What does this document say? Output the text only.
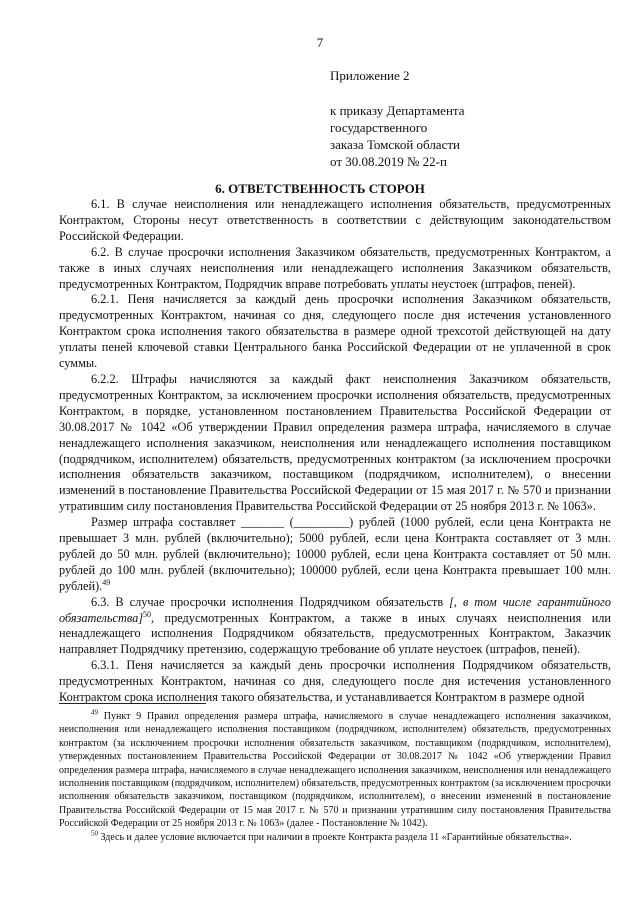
7
Приложение 2
к приказу Департамента
государственного
заказа Томской области
от 30.08.2019 № 22-п
6. ОТВЕТСТВЕННОСТЬ СТОРОН

6.1. В случае неисполнения или ненадлежащего исполнения обязательств, предусмотренных Контрактом, Стороны несут ответственность в соответствии с действующим законодательством Российской Федерации.

6.2. В случае просрочки исполнения Заказчиком обязательств, предусмотренных Контрактом, а также в иных случаях неисполнения или ненадлежащего исполнения Заказчиком обязательств, предусмотренных Контрактом, Подрядчик вправе потребовать уплаты неустоек (штрафов, пеней).

6.2.1. Пеня начисляется за каждый день просрочки исполнения Заказчиком обязательств, предусмотренных Контрактом, начиная со дня, следующего после дня истечения установленного Контрактом срока исполнения такого обязательства в размере одной трехсотой действующей на дату уплаты пеней ключевой ставки Центрального банка Российской Федерации от не уплаченной в срок суммы.

6.2.2. Штрафы начисляются за каждый факт неисполнения Заказчиком обязательств, предусмотренных Контрактом, за исключением просрочки исполнения обязательств, предусмотренных Контрактом, в порядке, установленном постановлением Правительства Российской Федерации от 30.08.2017 № 1042 «Об утверждении Правил определения размера штрафа, начисляемого в случае ненадлежащего исполнения заказчиком, неисполнения или ненадлежащего исполнения поставщиком (подрядчиком, исполнителем) обязательств, предусмотренных контрактом (за исключением просрочки исполнения обязательств заказчиком, поставщиком (подрядчиком, исполнителем), о внесении изменений в постановление Правительства Российской Федерации от 15 мая 2017 г. № 570 и признании утратившим силу постановления Правительства Российской Федерации от 25 ноября 2013 г. № 1063».

Размер штрафа составляет _______ (_________) рублей (1000 рублей, если цена Контракта не превышает 3 млн. рублей (включительно); 5000 рублей, если цена Контракта составляет от 3 млн. рублей до 50 млн. рублей (включительно); 10000 рублей, если цена Контракта составляет от 50 млн. рублей до 100 млн. рублей (включительно); 100000 рублей, если цена Контракта превышает 100 млн. рублей).$^{49}$

6.3. В случае просрочки исполнения Подрядчиком обязательств [, в том числе гарантийного обязательства]$^{50}$, предусмотренных Контрактом, а также в иных случаях неисполнения или ненадлежащего исполнения Подрядчиком обязательств, предусмотренных Контрактом, Заказчик направляет Подрядчику претензию, содержащую требование об уплате неустоек (штрафов, пеней).

6.3.1. Пеня начисляется за каждый день просрочки исполнения Подрядчиком обязательств, предусмотренных Контрактом, начиная со дня, следующего после дня истечения установленного Контрактом срока исполнения такого обязательства, и устанавливается Контрактом в размере одной

$^{49}$ Пункт 9 Правил определения размера штрафа, начисляемого в случае ненадлежащего исполнения заказчиком, неисполнения или ненадлежащего исполнения поставщиком (подрядчиком, исполнителем) обязательств, предусмотренных контрактом (за исключением просрочки исполнения обязательств заказчиком, поставщиком (подрядчиком, исполнителем), утвержденных постановлением Правительства Российской Федерации от 30.08.2017 № 1042 «Об утверждении Правил определения размера штрафа, начисляемого в случае ненадлежащего исполнения заказчиком, неисполнения или ненадлежащего исполнения поставщиком (подрядчиком, исполнителем) обязательств, предусмотренных контрактом (за исключением просрочки исполнения обязательств заказчиком, поставщиком (подрядчиком, исполнителем), о внесении изменений в постановление Правительства Российской Федерации от 15 мая 2017 г. № 570 и признании утратившим силу постановления Правительства Российской Федерации от 25 ноября 2013 г. № 1063» (далее - Постановление № 1042).

$^{50}$ Здесь и далее условие включается при наличии в проекте Контракта раздела 11 «Гарантийные обязательства».
